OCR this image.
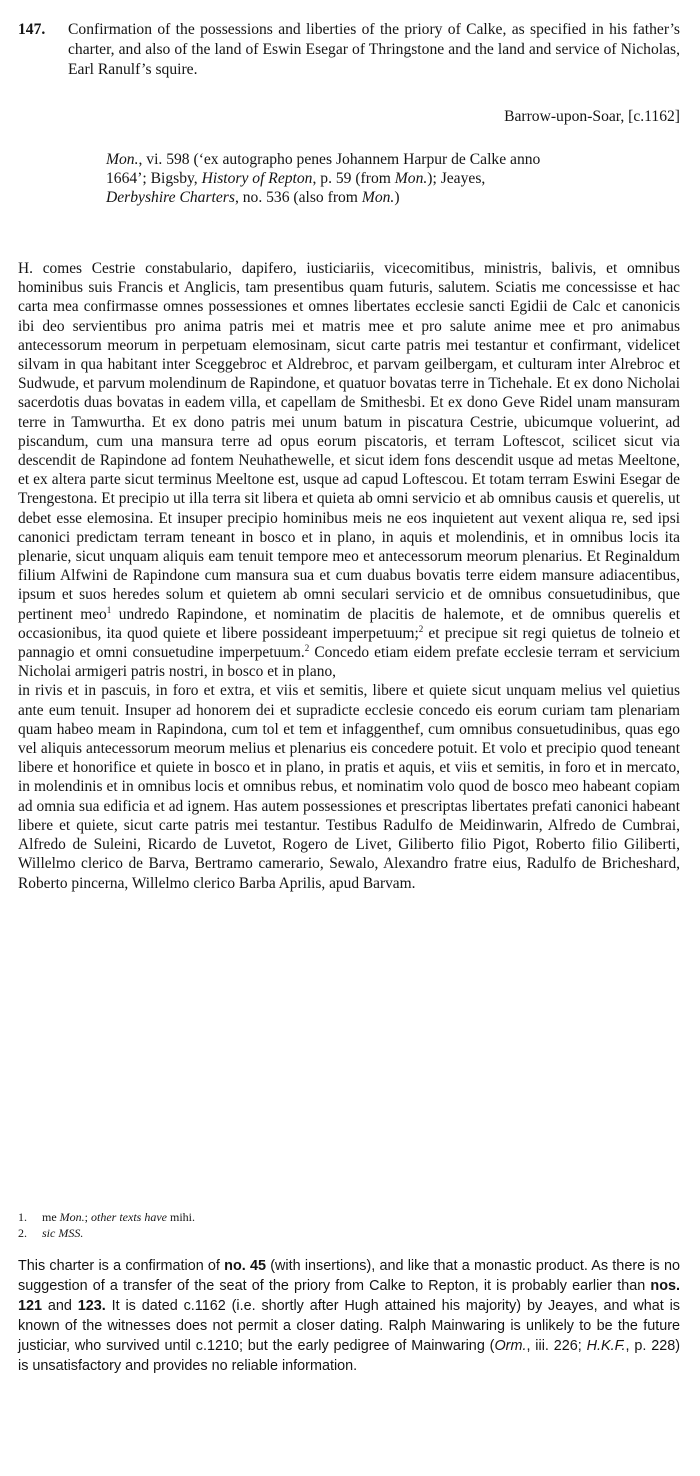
147.	Confirmation of the possessions and liberties of the priory of Calke, as specified in his father’s charter, and also of the land of Eswin Esegar of Thringstone and the land and service of Nicholas, Earl Ranulf’s squire.
Barrow-upon-Soar, [c.1162]
Mon., vi. 598 (‘ex autographo penes Johannem Harpur de Calke anno 1664’; Bigsby, History of Repton, p. 59 (from Mon.); Jeayes, Derbyshire Charters, no. 536 (also from Mon.)

H. comes Cestrie constabulario, dapifero, iusticiariis, vicecomitibus, ministris, balivis, et omnibus hominibus suis Francis et Anglicis, tam presentibus quam futuris, salutem. Sciatis me concessisse et hac carta mea confirmasse omnes possessiones et omnes libertates ecclesie sancti Egidii de Calc et canonicis ibi deo servientibus pro anima patris mei et matris mee et pro salute anime mee et pro animabus antecessorum meorum in perpetuam elemosinam, sicut carte patris mei testantur et confirmant, videlicet silvam in qua habitant inter Sceggebroc et Aldrebroc, et parvam geilbergam, et culturam inter Alrebroc et Sudwude, et parvum molendinum de Rapindone, et quatuor bovatas terre in Tichehale. Et ex dono Nicholai sacerdotis duas bovatas in eadem villa, et capellam de Smithesbi. Et ex dono Geve Ridel unam mansuram terre in Tamwurtha. Et ex dono patris mei unum batum in piscatura Cestrie, ubicumque voluerint, ad piscandum, cum una mansura terre ad opus eorum piscatoris, et terram Loftescot, scilicet sicut via descendit de Rapindone ad fontem Neuhathewelle, et sicut idem fons descendit usque ad metas Meeltone, et ex altera parte sicut terminus Meeltone est, usque ad capud Loftescou. Et totam terram Eswini Esegar de Trengestona. Et precipio ut illa terra sit libera et quieta ab omni servicio et ab omnibus causis et querelis, ut debet esse elemosina. Et insuper precipio hominibus meis ne eos inquietent aut vexent aliqua re, sed ipsi canonici predictam terram teneant in bosco et in plano, in aquis et molendinis, et in omnibus locis ita plenarie, sicut unquam aliquis eam tenuit tempore meo et antecessorum meorum plenarius. Et Reginaldum filium Alfwini de Rapindone cum mansura sua et cum duabus bovatis terre eidem mansure adiacentibus, ipsum et suos heredes solum et quietem ab omni seculari servicio et de omnibus consuetudinibus, que pertinent meo$^1$ undredo Rapindone, et nominatim de placitis de halemote, et de omnibus querelis et occasionibus, ita quod quiete et libere possideant imperpetuum;$^2$ et precipue sit regi quietus de tolneio et pannagio et omni consuetudine imperpetuum.$^2$ Concedo etiam eidem prefate ecclesie terram et servicium Nicholai armigeri patris nostri, in bosco et in plano,

in rivis et in pascuis, in foro et extra, et viis et semitis, libere et quiete sicut unquam melius vel quietius ante eum tenuit. Insuper ad honorem dei et supradicte ecclesie concedo eis eorum curiam tam plenariam quam habeo meam in Rapindona, cum tol et tem et infaggenthef, cum omnibus consuetudinibus, quas ego vel aliquis antecessorum meorum melius et plenarius eis concedere potuit. Et volo et precipio quod teneant libere et honorifice et quiete in bosco et in plano, in pratis et aquis, et viis et semitis, in foro et in mercato, in molendinis et in omnibus locis et omnibus rebus, et nominatim volo quod de bosco meo habeant copiam ad omnia sua edificia et ad ignem. Has autem possessiones et prescriptas libertates prefati canonici habeant libere et quiete, sicut carte patris mei testantur. Testibus Radulfo de Meidinwarin, Alfredo de Cumbrai, Alfredo de Suleini, Ricardo de Luvetot, Rogero de Livet, Giliberto filio Pigot, Roberto filio Giliberti, Willelmo clerico de Barva, Bertramo camerario, Sewalo, Alexandro fratre eius, Radulfo de Bricheshard, Roberto pincerna, Willelmo clerico Barba Aprilis, apud Barvam.

1.	me Mon.; other texts have mihi.
2.	sic MSS.
This charter is a confirmation of no. 45 (with insertions), and like that a monastic product. As there is no suggestion of a transfer of the seat of the priory from Calke to Repton, it is probably earlier than nos. 121 and 123. It is dated c.1162 (i.e. shortly after Hugh attained his majority) by Jeayes, and what is known of the witnesses does not permit a closer dating. Ralph Mainwaring is unlikely to be the future justiciar, who survived until c.1210; but the early pedigree of Mainwaring (Orm., iii. 226; H.K.F., p. 228) is unsatisfactory and provides no reliable information.
